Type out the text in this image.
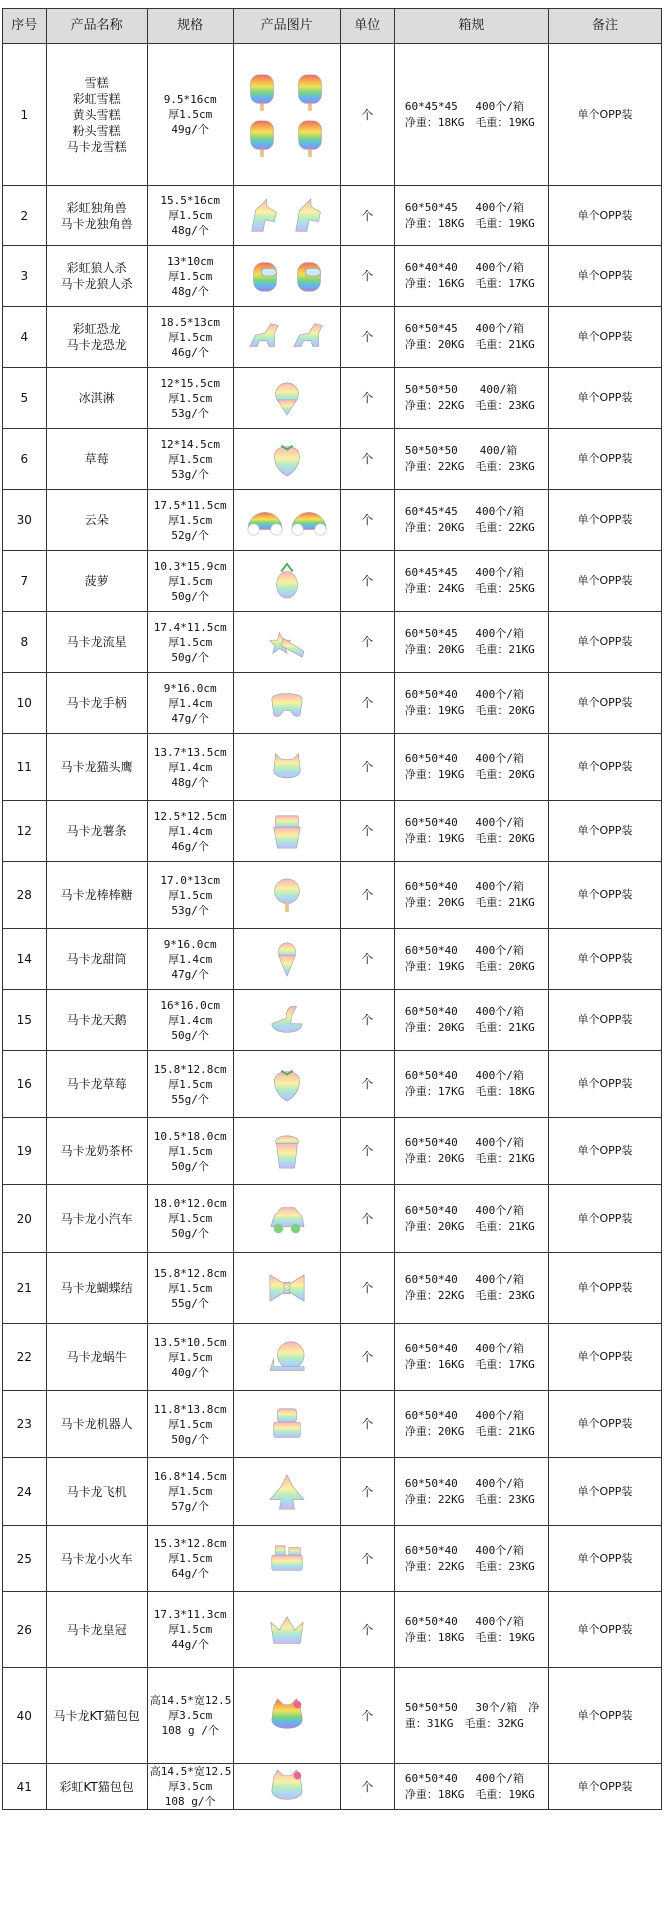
序号	产品名称	规格	产品图片	单位	箱规	备注
1	雪糕
彩虹雪糕
黄头雪糕
粉头雪糕
马卡龙雪糕	9.5*16cm
厚1.5cm
49g/个		个	60*45*45　 400个/箱
净重：18KG　毛重：19KG	单个OPP装
2	彩虹独角兽
马卡龙独角兽	15.5*16cm
厚1.5cm
48g/个		个	60*50*45　 400个/箱
净重：18KG　毛重：19KG	单个OPP装
3	彩虹狼人杀
马卡龙狼人杀	13*10cm
厚1.5cm
48g/个		个	60*40*40　 400个/箱
净重：16KG　毛重：17KG	单个OPP装
4	彩虹恐龙
马卡龙恐龙	18.5*13cm
厚1.5cm
46g/个		个	60*50*45　 400个/箱
净重：20KG　毛重：21KG	单个OPP装
5	冰淇淋	12*15.5cm
厚1.5cm
53g/个		个	50*50*50　　400/箱
净重：22KG　毛重：23KG	单个OPP装
6	草莓	12*14.5cm
厚1.5cm
53g/个		个	50*50*50　　400/箱
净重：22KG　毛重：23KG	单个OPP装
30	云朵	17.5*11.5cm
厚1.5cm
52g/个		个	60*45*45　 400个/箱
净重：20KG　毛重：22KG	单个OPP装
7	菠萝	10.3*15.9cm
厚1.5cm
50g/个		个	60*45*45　 400个/箱
净重：24KG　毛重：25KG	单个OPP装
8	马卡龙流星	17.4*11.5cm
厚1.5cm
50g/个		个	60*50*45　 400个/箱
净重：20KG　毛重：21KG	单个OPP装
10	马卡龙手柄	9*16.0cm
厚1.4cm
47g/个		个	60*50*40　 400个/箱
净重：19KG　毛重：20KG	单个OPP装
11	马卡龙猫头鹰	13.7*13.5cm
厚1.4cm
48g/个		个	60*50*40　 400个/箱
净重：19KG　毛重：20KG	单个OPP装
12	马卡龙薯条	12.5*12.5cm
厚1.4cm
46g/个		个	60*50*40　 400个/箱
净重：19KG　毛重：20KG	单个OPP装
28	马卡龙棒棒糖	17.0*13cm
厚1.5cm
53g/个		个	60*50*40　 400个/箱
净重：20KG　毛重：21KG	单个OPP装
14	马卡龙甜筒	9*16.0cm
厚1.4cm
47g/个		个	60*50*40　 400个/箱
净重：19KG　毛重：20KG	单个OPP装
15	马卡龙天鹅	16*16.0cm
厚1.4cm
50g/个		个	60*50*40　 400个/箱
净重：20KG　毛重：21KG	单个OPP装
16	马卡龙草莓	15.8*12.8cm
厚1.5cm
55g/个		个	60*50*40　 400个/箱
净重：17KG　毛重：18KG	单个OPP装
19	马卡龙奶茶杯	10.5*18.0cm
厚1.5cm
50g/个		个	60*50*40　 400个/箱
净重：20KG　毛重：21KG	单个OPP装
20	马卡龙小汽车	18.0*12.0cm
厚1.5cm
50g/个		个	60*50*40　 400个/箱
净重：20KG　毛重：21KG	单个OPP装
21	马卡龙蝴蝶结	15.8*12.8cm
厚1.5cm
55g/个		个	60*50*40　 400个/箱
净重：22KG　毛重：23KG	单个OPP装
22	马卡龙蜗牛	13.5*10.5cm
厚1.5cm
40g/个		个	60*50*40　 400个/箱
净重：16KG　毛重：17KG	单个OPP装
23	马卡龙机器人	11.8*13.8cm
厚1.5cm
50g/个		个	60*50*40　 400个/箱
净重：20KG　毛重：21KG	单个OPP装
24	马卡龙飞机	16.8*14.5cm
厚1.5cm
57g/个		个	60*50*40　 400个/箱
净重：22KG　毛重：23KG	单个OPP装
25	马卡龙小火车	15.3*12.8cm
厚1.5cm
64g/个		个	60*50*40　 400个/箱
净重：22KG　毛重：23KG	单个OPP装
26	马卡龙皇冠	17.3*11.3cm
厚1.5cm
44g/个		个	60*50*40　 400个/箱
净重：18KG　毛重：19KG	单个OPP装
40	马卡龙KT猫包包	高14.5*宽12.5
厚3.5cm
108 g /个		个	50*50*50　 30个/箱　净
重：31KG　毛重：32KG	单个OPP装
41	彩虹KT猫包包	高14.5*宽12.5
厚3.5cm
108 g/个		个	60*50*40　 400个/箱
净重：18KG　毛重：19KG	单个OPP装
